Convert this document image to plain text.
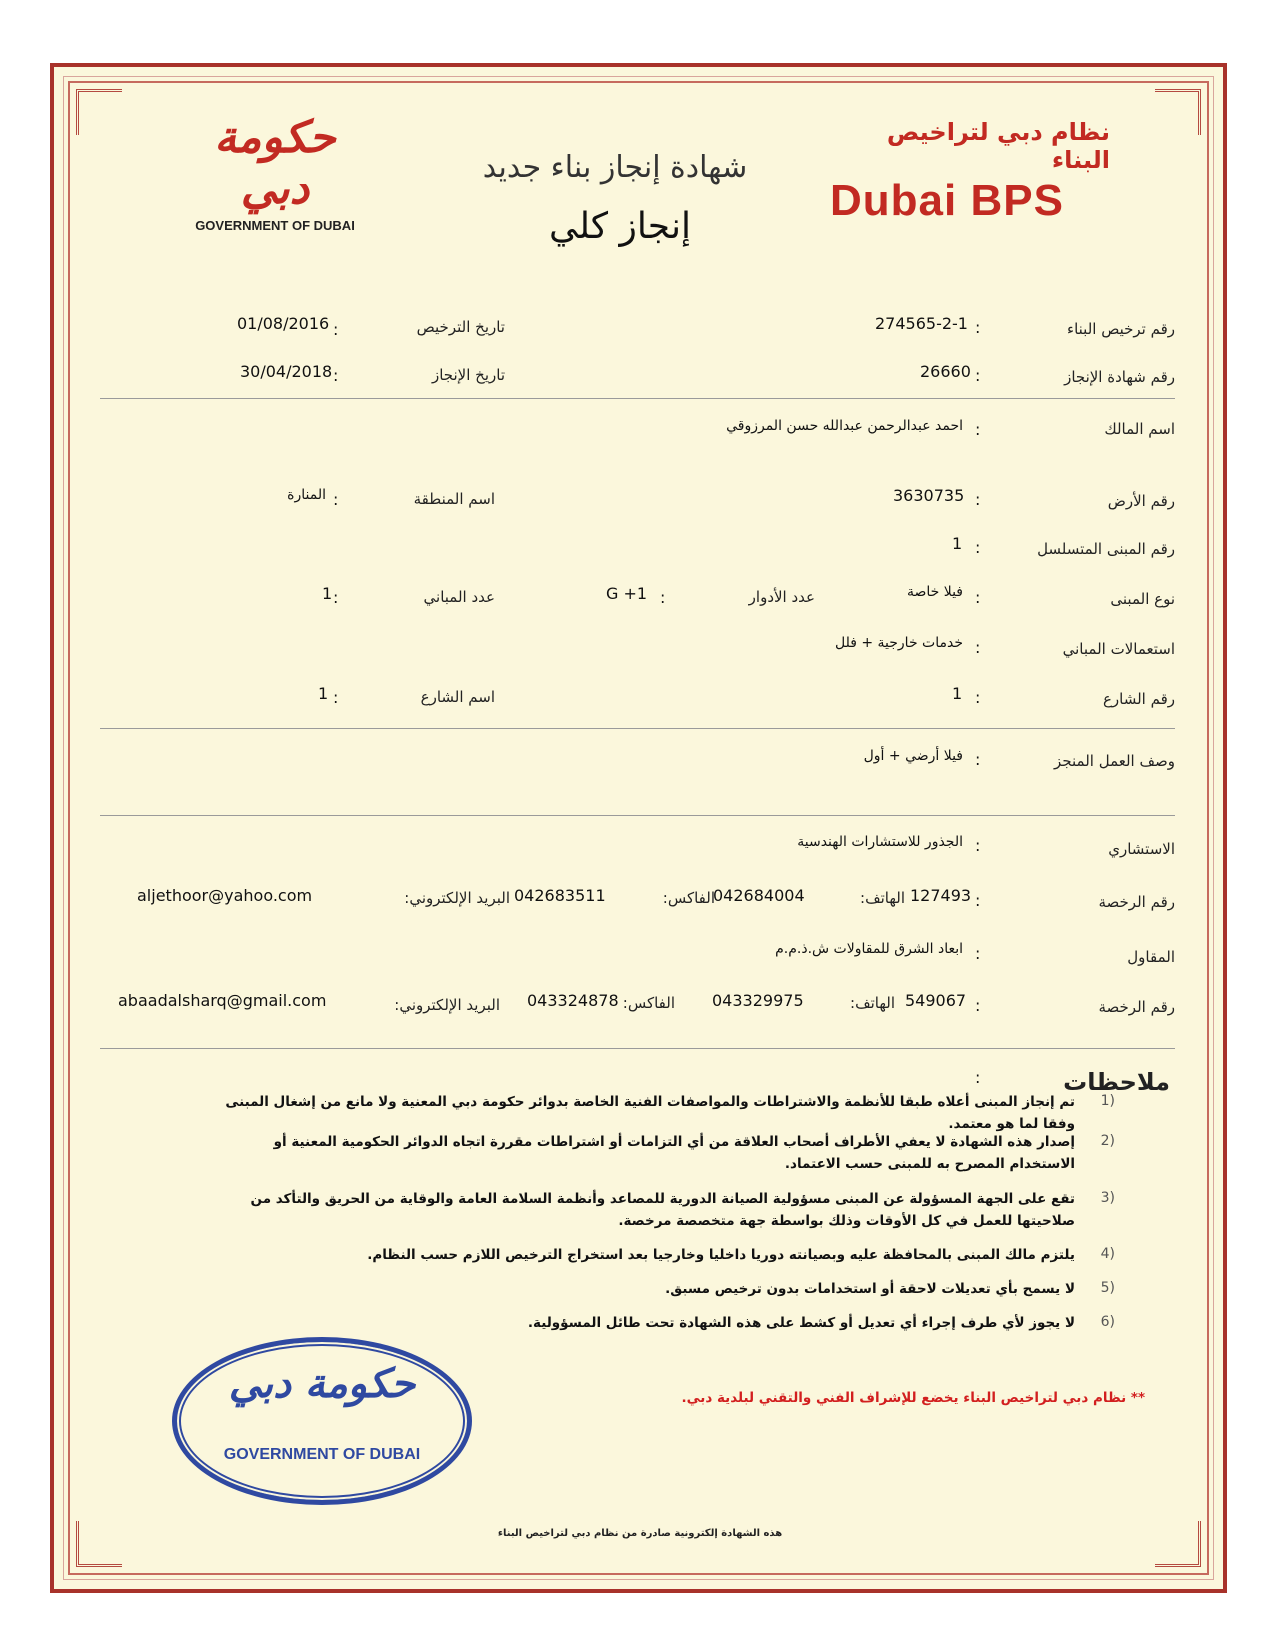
حكومة دبي
GOVERNMENT OF DUBAI
نظام دبي لتراخيص البناء
Dubai BPS
شهادة إنجاز بناء جديد
إنجاز كلي
رقم ترخيص البناء
:
274565-2-1
تاريخ الترخيص
:
01/08/2016
رقم شهادة الإنجاز
:
26660
تاريخ الإنجاز
:
30/04/2018
اسم المالك
:
احمد عبدالرحمن عبدالله حسن المرزوقي
رقم الأرض
:
3630735
اسم المنطقة
:
المنارة
رقم المبنى المتسلسل
:
1
نوع المبنى
:
فيلا خاصة
عدد الأدوار
:
G +1
عدد المباني
:
1
استعمالات المباني
:
خدمات خارجية + فلل
رقم الشارع
:
1
اسم الشارع
:
1
وصف العمل المنجز
:
فيلا أرضي + أول
الاستشاري
:
الجذور للاستشارات الهندسية
رقم الرخصة
:
127493
الهاتف:
042684004
الفاكس:
042683511
البريد الإلكتروني:
aljethoor@yahoo.com
المقاول
:
ابعاد الشرق للمقاولات ش.ذ.م.م
رقم الرخصة
:
549067
الهاتف:
043329975
الفاكس:
043324878
البريد الإلكتروني:
abaadalsharq@gmail.com
ملاحظات
:
1)
تم إنجاز المبنى أعلاه طبقا للأنظمة والاشتراطات والمواصفات الفنية الخاصة بدوائر حكومة دبي المعنية ولا مانع من إشغال المبنى وفقا لما هو معتمد.
2)
إصدار هذه الشهادة لا يعفي الأطراف أصحاب العلاقة من أي التزامات أو اشتراطات مقررة اتجاه الدوائر الحكومية المعنية أو الاستخدام المصرح به للمبنى حسب الاعتماد.
3)
تقع على الجهة المسؤولة عن المبنى مسؤولية الصيانة الدورية للمصاعد وأنظمة السلامة العامة والوقاية من الحريق والتأكد من صلاحيتها للعمل في كل الأوقات وذلك بواسطة جهة متخصصة مرخصة.
4)
يلتزم مالك المبنى بالمحافظة عليه وبصيانته دوريا داخليا وخارجيا بعد استخراج الترخيص اللازم حسب النظام.
5)
لا يسمح بأي تعديلات لاحقة أو استخدامات بدون ترخيص مسبق.
6)
لا يجوز لأي طرف إجراء أي تعديل أو كشط على هذه الشهادة تحت طائل المسؤولية.
** نظام دبي لتراخيص البناء يخضع للإشراف الفني والتقني لبلدية دبي.
حكومة دبي
GOVERNMENT OF DUBAI
هذه الشهادة إلكترونية صادرة من نظام دبي لتراخيص البناء
